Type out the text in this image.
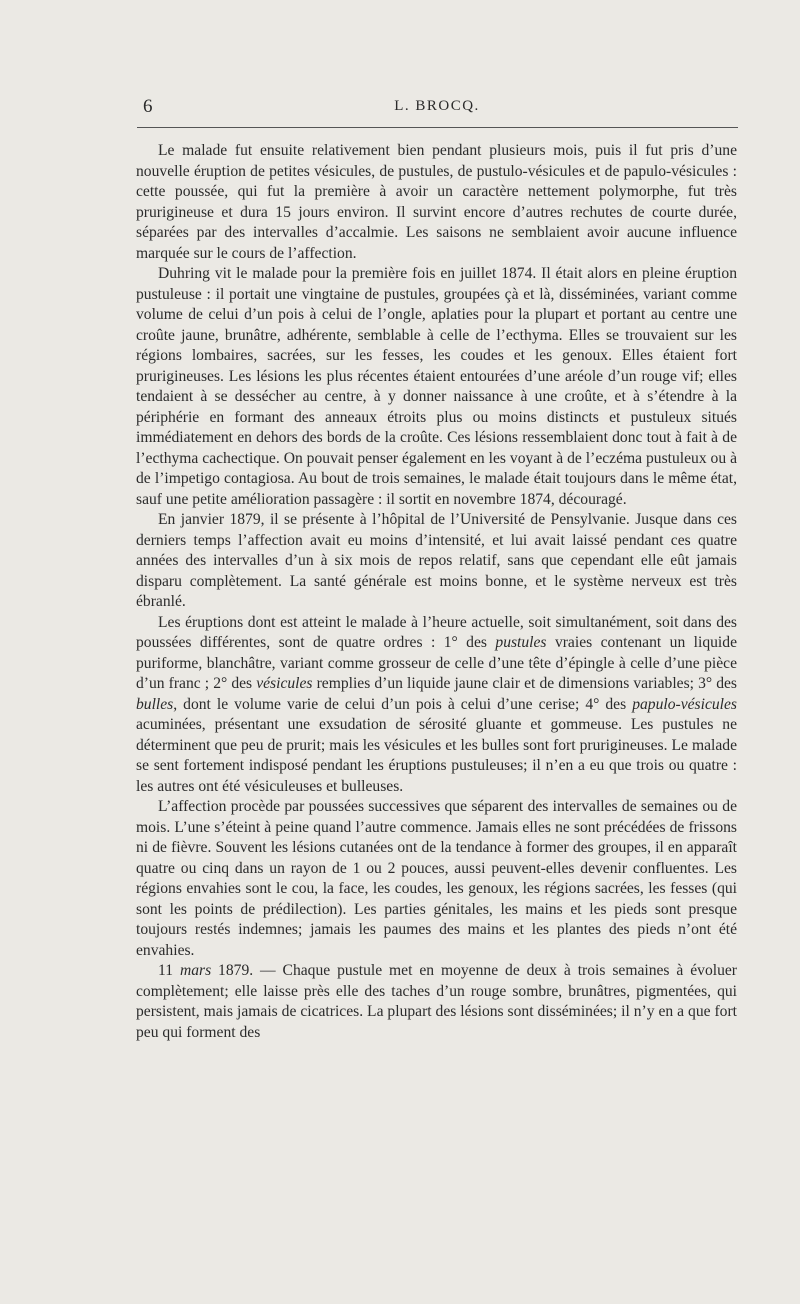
6	L. BROCQ.

Le malade fut ensuite relativement bien pendant plusieurs mois, puis il fut pris d’une nouvelle éruption de petites vésicules, de pustules, de pustulo-vésicules et de papulo-vésicules : cette poussée, qui fut la première à avoir un caractère nettement polymorphe, fut très prurigineuse et dura 15 jours environ. Il survint encore d’autres rechutes de courte durée, séparées par des intervalles d’accalmie. Les saisons ne semblaient avoir aucune influence marquée sur le cours de l’affection.

Duhring vit le malade pour la première fois en juillet 1874. Il était alors en pleine éruption pustuleuse : il portait une vingtaine de pustules, groupées çà et là, disséminées, variant comme volume de celui d’un pois à celui de l’ongle, aplaties pour la plupart et portant au centre une croûte jaune, brunâtre, adhérente, semblable à celle de l’ecthyma. Elles se trouvaient sur les régions lombaires, sacrées, sur les fesses, les coudes et les genoux. Elles étaient fort prurigineuses. Les lésions les plus récentes étaient entourées d’une aréole d’un rouge vif; elles tendaient à se dessécher au centre, à y donner naissance à une croûte, et à s’étendre à la périphérie en formant des anneaux étroits plus ou moins distincts et pustuleux situés immédiatement en dehors des bords de la croûte. Ces lésions ressemblaient donc tout à fait à de l’ecthyma cachectique. On pouvait penser également en les voyant à de l’eczéma pustuleux ou à de l’impetigo contagiosa. Au bout de trois semaines, le malade était toujours dans le même état, sauf une petite amélioration passagère : il sortit en novembre 1874, découragé.

En janvier 1879, il se présente à l’hôpital de l’Université de Pensylvanie. Jusque dans ces derniers temps l’affection avait eu moins d’intensité, et lui avait laissé pendant ces quatre années des intervalles d’un à six mois de repos relatif, sans que cependant elle eût jamais disparu complètement. La santé générale est moins bonne, et le système nerveux est très ébranlé.

Les éruptions dont est atteint le malade à l’heure actuelle, soit simultanément, soit dans des poussées différentes, sont de quatre ordres : 1° des pustules vraies contenant un liquide puriforme, blanchâtre, variant comme grosseur de celle d’une tête d’épingle à celle d’une pièce d’un franc ; 2° des vésicules remplies d’un liquide jaune clair et de dimensions variables; 3° des bulles, dont le volume varie de celui d’un pois à celui d’une cerise; 4° des papulo-vésicules acuminées, présentant une exsudation de sérosité gluante et gommeuse. Les pustules ne déterminent que peu de prurit; mais les vésicules et les bulles sont fort prurigineuses. Le malade se sent fortement indisposé pendant les éruptions pustuleuses; il n’en a eu que trois ou quatre : les autres ont été vésiculeuses et bulleuses.

L’affection procède par poussées successives que séparent des intervalles de semaines ou de mois. L’une s’éteint à peine quand l’autre commence. Jamais elles ne sont précédées de frissons ni de fièvre. Souvent les lésions cutanées ont de la tendance à former des groupes, il en apparaît quatre ou cinq dans un rayon de 1 ou 2 pouces, aussi peuvent-elles devenir confluentes. Les régions envahies sont le cou, la face, les coudes, les genoux, les régions sacrées, les fesses (qui sont les points de prédilection). Les parties génitales, les mains et les pieds sont presque toujours restés indemnes; jamais les paumes des mains et les plantes des pieds n’ont été envahies.

11 mars 1879. — Chaque pustule met en moyenne de deux à trois semaines à évoluer complètement; elle laisse près elle des taches d’un rouge sombre, brunâtres, pigmentées, qui persistent, mais jamais de cicatrices. La plupart des lésions sont disséminées; il n’y en a que fort peu qui forment des
